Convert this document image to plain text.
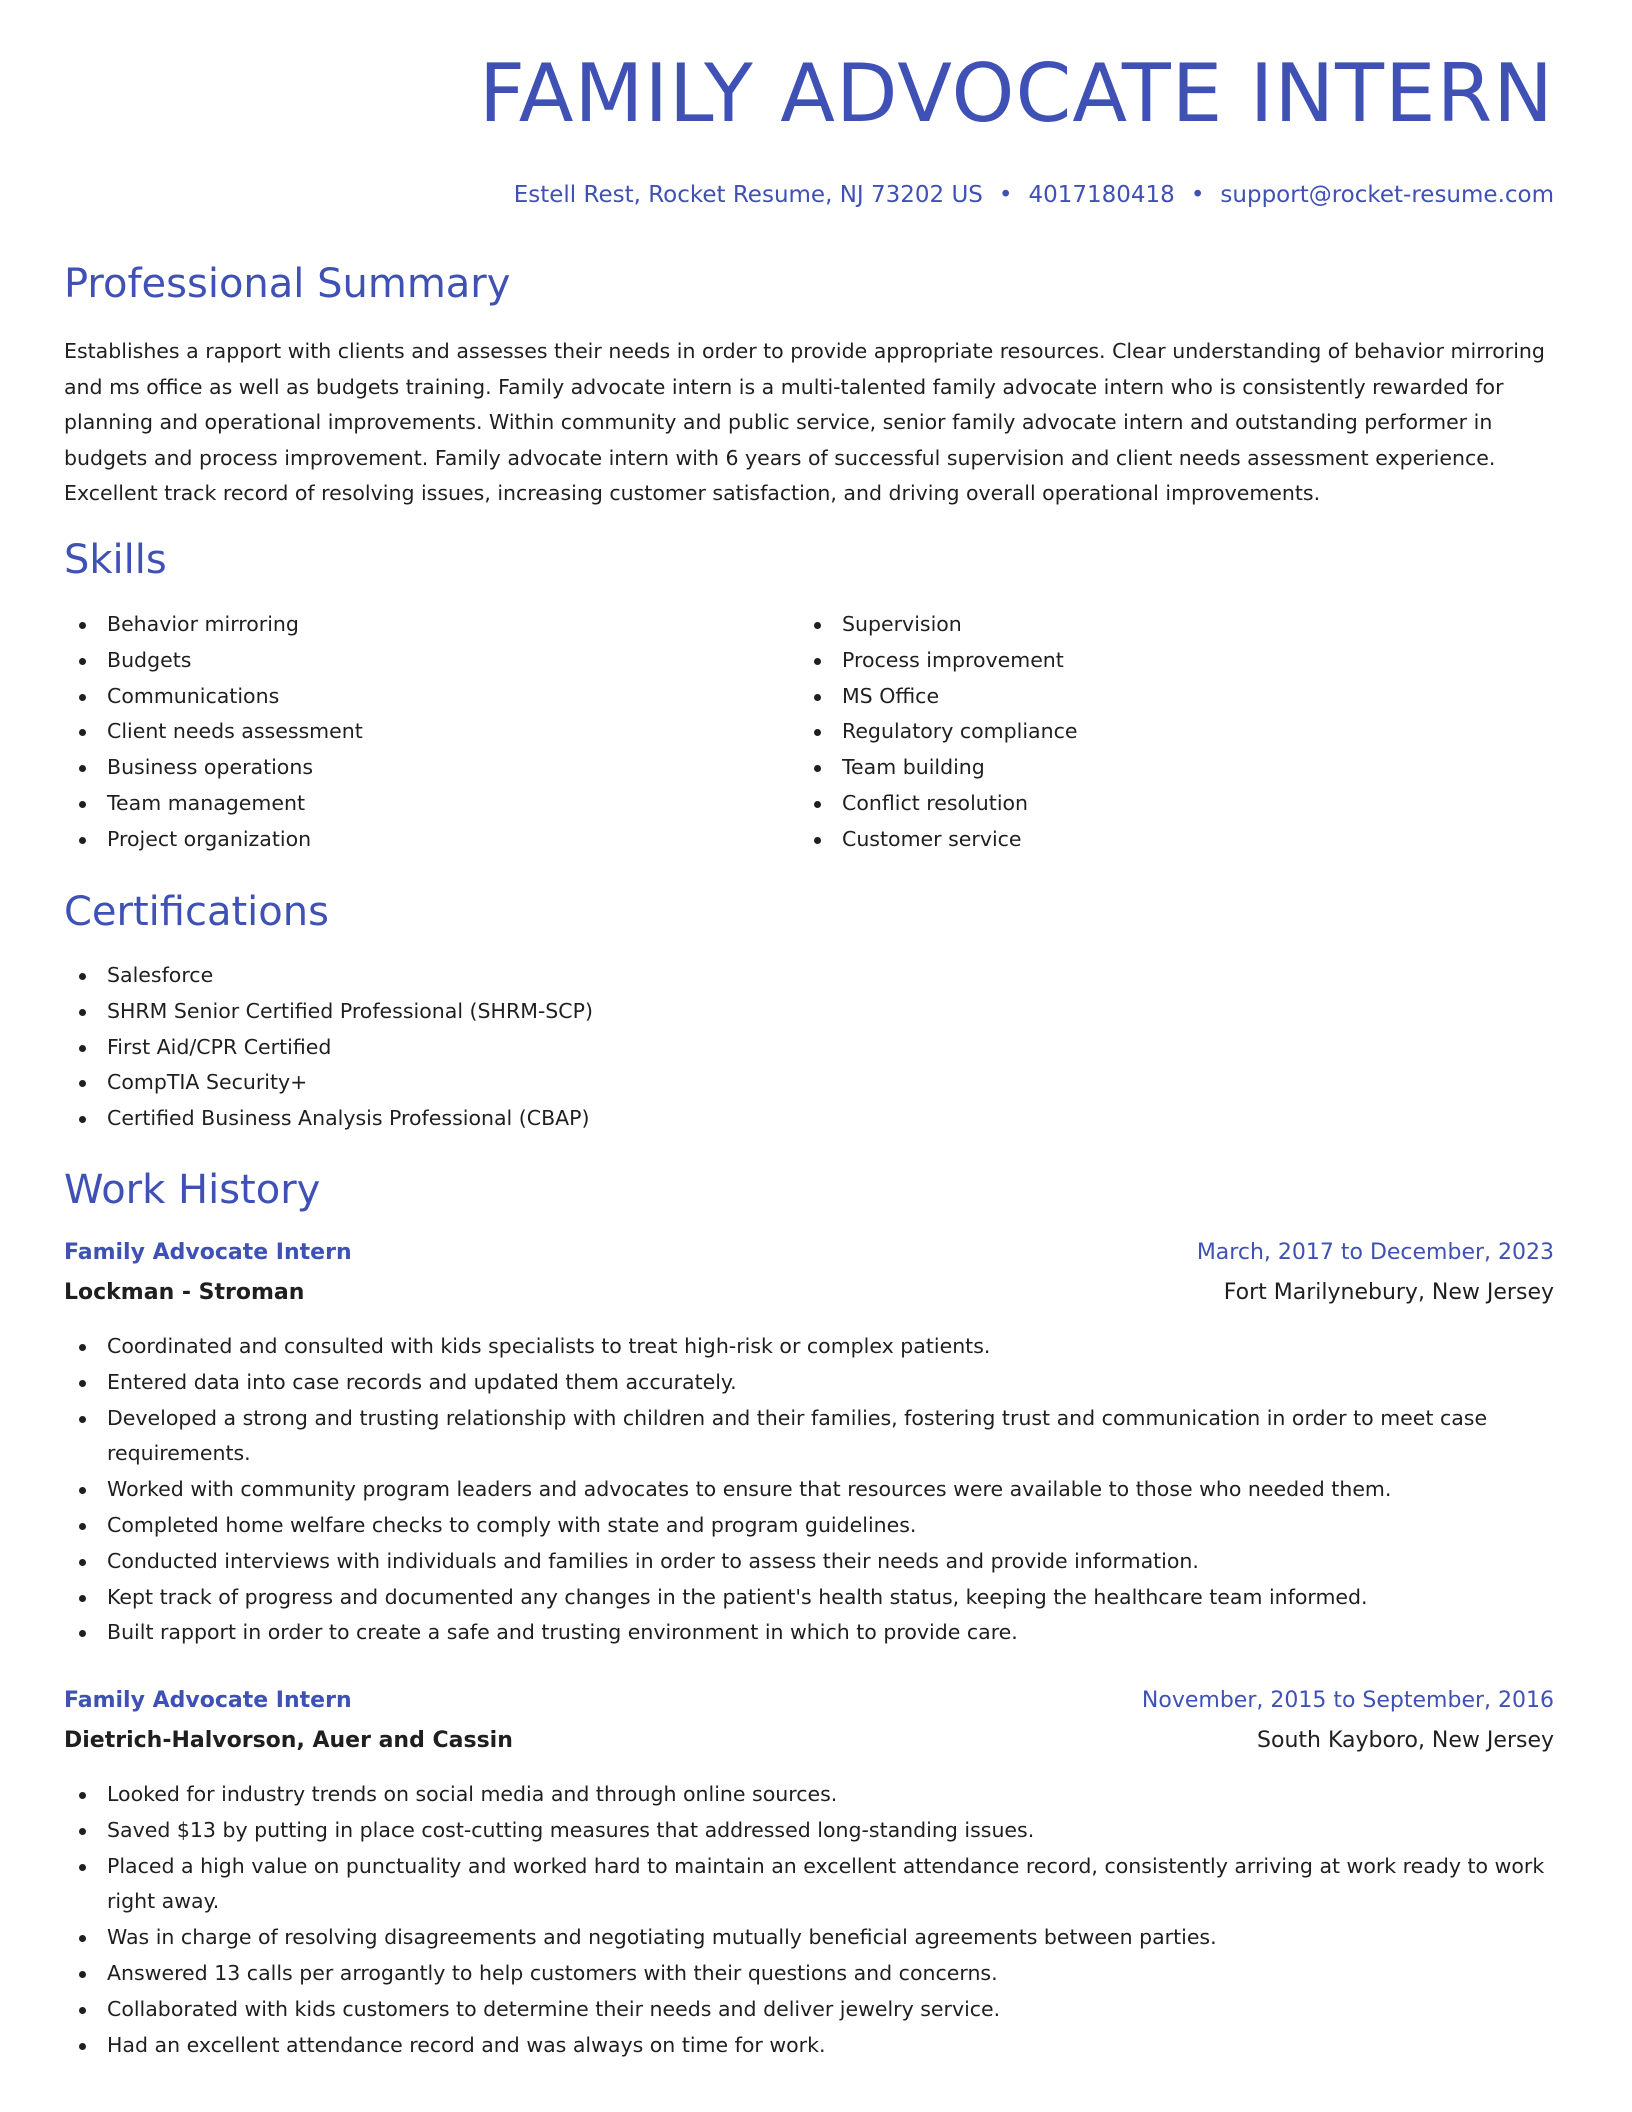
FAMILY ADVOCATE INTERN
Estell Rest, Rocket Resume, NJ 73202 US • 4017180418 • support@rocket-resume.com
Professional Summary

Establishes a rapport with clients and assesses their needs in order to provide appropriate resources. Clear understanding of behavior mirroring and ms office as well as budgets training. Family advocate intern is a multi-talented family advocate intern who is consistently rewarded for planning and operational improvements. Within community and public service, senior family advocate intern and outstanding performer in budgets and process improvement. Family advocate intern with 6 years of successful supervision and client needs assessment experience. Excellent track record of resolving issues, increasing customer satisfaction, and driving overall operational improvements.

Skills
Behavior mirroring
Budgets
Communications
Client needs assessment
Business operations
Team management
Project organization
Supervision
Process improvement
MS Office
Regulatory compliance
Team building
Conflict resolution
Customer service
Certifications
Salesforce
SHRM Senior Certified Professional (SHRM-SCP)
First Aid/CPR Certified
CompTIA Security+
Certified Business Analysis Professional (CBAP)
Work History
Family Advocate Intern	March, 2017 to December, 2023
Lockman - Stroman	Fort Marilynebury, New Jersey
Coordinated and consulted with kids specialists to treat high-risk or complex patients.
Entered data into case records and updated them accurately.
Developed a strong and trusting relationship with children and their families, fostering trust and communication in order to meet case requirements.
Worked with community program leaders and advocates to ensure that resources were available to those who needed them.
Completed home welfare checks to comply with state and program guidelines.
Conducted interviews with individuals and families in order to assess their needs and provide information.
Kept track of progress and documented any changes in the patient's health status, keeping the healthcare team informed.
Built rapport in order to create a safe and trusting environment in which to provide care.
Family Advocate Intern	November, 2015 to September, 2016
Dietrich-Halvorson, Auer and Cassin	South Kayboro, New Jersey
Looked for industry trends on social media and through online sources.
Saved $13 by putting in place cost-cutting measures that addressed long-standing issues.
Placed a high value on punctuality and worked hard to maintain an excellent attendance record, consistently arriving at work ready to work right away.
Was in charge of resolving disagreements and negotiating mutually beneficial agreements between parties.
Answered 13 calls per arrogantly to help customers with their questions and concerns.
Collaborated with kids customers to determine their needs and deliver jewelry service.
Had an excellent attendance record and was always on time for work.
